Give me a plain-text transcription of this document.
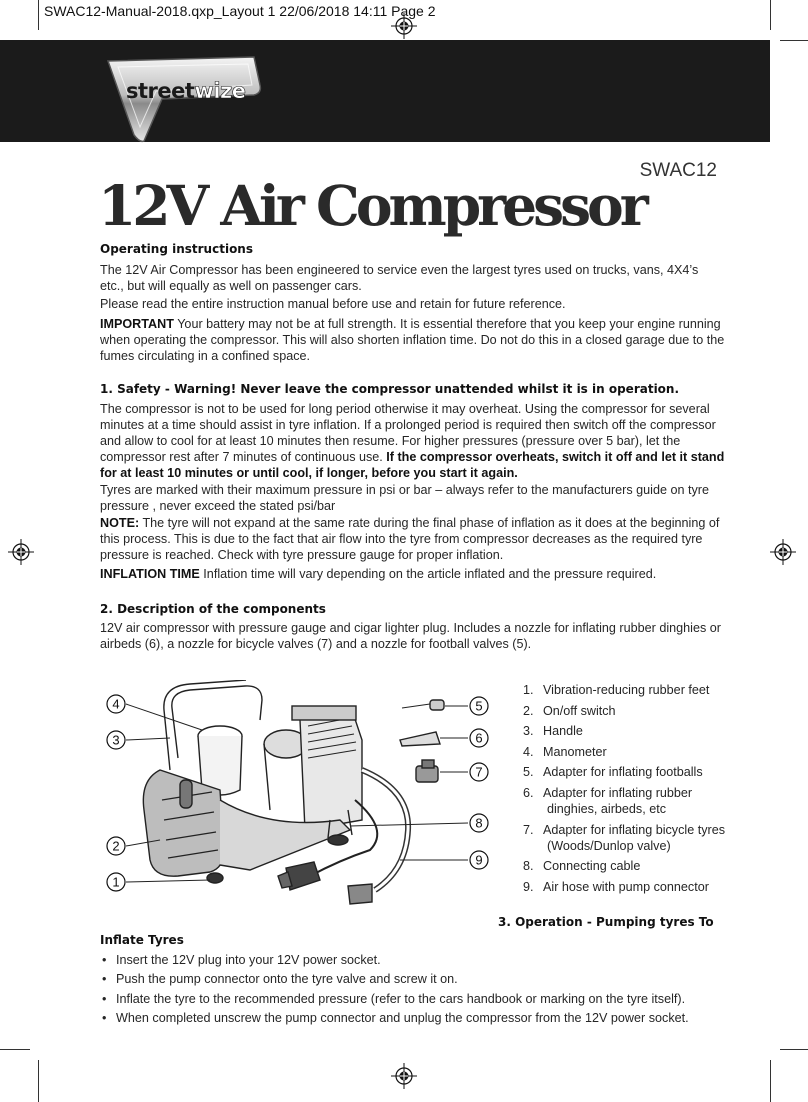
SWAC12-Manual-2018.qxp_Layout 1 22/06/2018 14:11 Page 2
streetwize
SWAC12
12V Air Compressor
Operating instructions
The 12V Air Compressor has been engineered to service even the largest tyres used on trucks, vans, 4X4’s etc., but will equally as well on passenger cars.
Please read the entire instruction manual before use and retain for future reference.
IMPORTANT Your battery may not be at full strength. It is essential therefore that you keep your engine running when operating the compressor. This will also shorten inflation time. Do not do this in a closed garage due to the fumes circulating in a confined space.
1. Safety - Warning! Never leave the compressor unattended whilst it is in operation.
The compressor is not to be used for long period otherwise it may overheat. Using the compressor for several minutes at a time should assist in tyre inflation. If a prolonged period is required then switch off the compressor and allow to cool for at least 10 minutes then resume. For higher pressures (pressure over 5 bar), let the compressor rest after 7 minutes of continuous use. If the compressor overheats, switch it off and let it stand for at least 10 minutes or until cool, if longer, before you start it again.
Tyres are marked with their maximum pressure in psi or bar – always refer to the manufacturers guide on tyre pressure , never exceed the stated psi/bar
NOTE: The tyre will not expand at the same rate during the final phase of inflation as it does at the beginning of this process. This is due to the fact that air flow into the tyre from compressor decreases as the required tyre pressure is reached. Check with tyre pressure gauge for proper inflation.
INFLATION TIME Inflation time will vary depending on the article inflated and the pressure required.
2. Description of the components
12V air compressor with pressure gauge and cigar lighter plug. Includes a nozzle for inflating rubber dinghies or airbeds (6), a nozzle for bicycle valves (7) and a nozzle for football valves (5).
4
3
2
1
5
6
7
8
9
1. Vibration-reducing rubber feet
2. On/off switch
3. Handle
4. Manometer
5. Adapter for inflating footballs
6. Adapter for inflating rubber
dinghies, airbeds, etc
7. Adapter for inflating bicycle tyres
(Woods/Dunlop valve)
8. Connecting cable
9. Air hose with pump connector
3. Operation - Pumping tyres To
Inflate Tyres
• Insert the 12V plug into your 12V power socket.
• Push the pump connector onto the tyre valve and screw it on.
• Inflate the tyre to the recommended pressure (refer to the cars handbook or marking on the tyre itself).
• When completed unscrew the pump connector and unplug the compressor from the 12V power socket.
